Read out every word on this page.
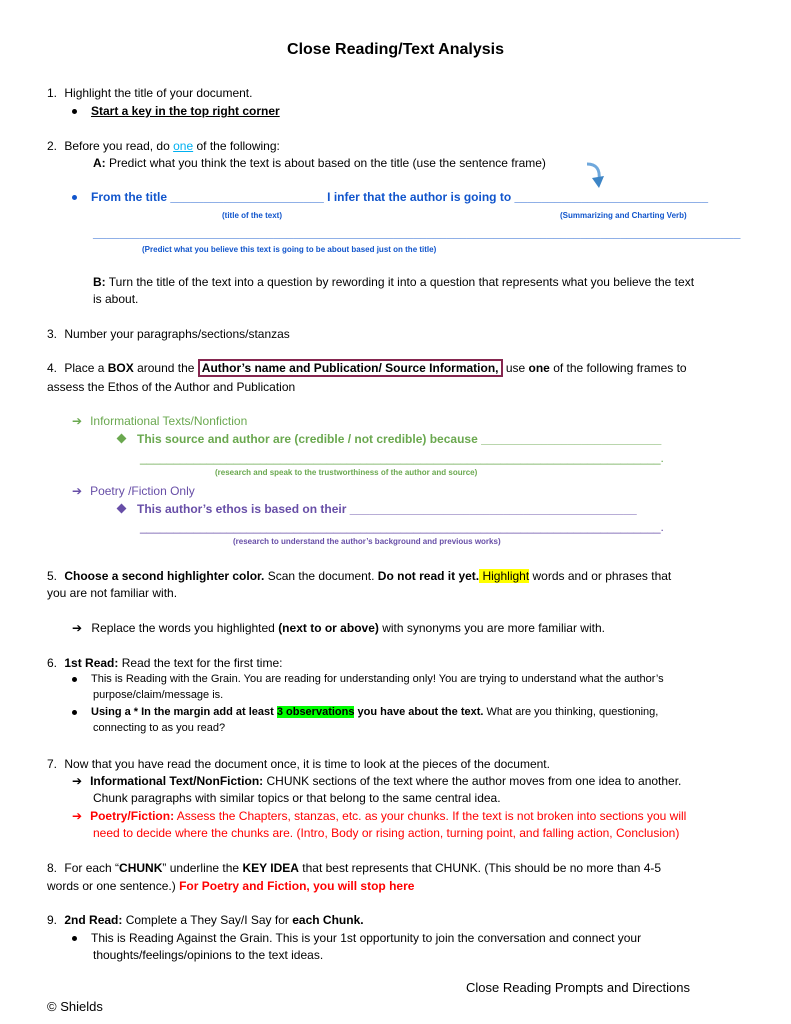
Close Reading/Text Analysis
1. Highlight the title of your document.
Start a key in the top right corner
2. Before you read, do one of the following:
A: Predict what you think the text is about based on the title (use the sentence frame)
From the title _______________________ I infer that the author is going to _____________________________
(title of the text)	(Summarizing and Charting Verb)
_________________________________________________________________________________________________
(Predict what you believe this text is going to be about based just on the title)
B: Turn the title of the text into a question by rewording it into a question that represents what you believe the text
is about.
3. Number your paragraphs/sections/stanzas
4. Place a BOX around the Author’s name and Publication/ Source Information, use one of the following frames to
assess the Ethos of the Author and Publication
➔ Informational Texts/Nonfiction
This source and author are (credible / not credible) because ___________________________
______________________________________________________________________________.
(research and speak to the trustworthiness of the author and source)
➔ Poetry /Fiction Only
This author’s ethos is based on their ___________________________________________
______________________________________________________________________________.
(research to understand the author’s background and previous works)
5. Choose a second highlighter color. Scan the document. Do not read it yet. Highlight words and or phrases that
you are not familiar with.
➔ Replace the words you highlighted (next to or above) with synonyms you are more familiar with.
6. 1st Read: Read the text for the first time:
This is Reading with the Grain. You are reading for understanding only! You are trying to understand what the author’s
purpose/claim/message is.
Using a * In the margin add at least 3 observations you have about the text. What are you thinking, questioning,
connecting to as you read?
7. Now that you have read the document once, it is time to look at the pieces of the document.
➔ Informational Text/NonFiction: CHUNK sections of the text where the author moves from one idea to another.
Chunk paragraphs with similar topics or that belong to the same central idea.
➔ Poetry/Fiction: Assess the Chapters, stanzas, etc. as your chunks. If the text is not broken into sections you will
need to decide where the chunks are. (Intro, Body or rising action, turning point, and falling action, Conclusion)
8. For each “CHUNK” underline the KEY IDEA that best represents that CHUNK. (This should be no more than 4-5
words or one sentence.) For Poetry and Fiction, you will stop here
9. 2nd Read: Complete a They Say/I Say for each Chunk.
This is Reading Against the Grain. This is your 1st opportunity to join the conversation and connect your
thoughts/feelings/opinions to the text ideas.
Close Reading Prompts and Directions
© Shields
